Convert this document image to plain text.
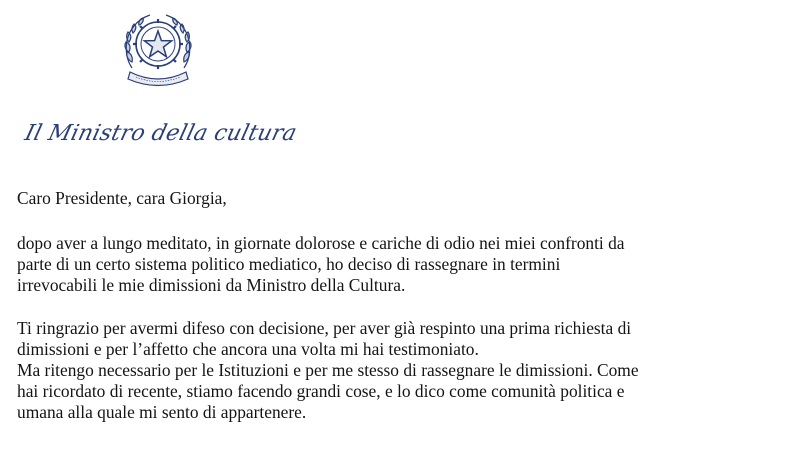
Il Ministro della cultura

Caro Presidente, cara Giorgia,

dopo aver a lungo meditato, in giornate dolorose e cariche di odio nei miei confronti da
parte di un certo sistema politico mediatico, ho deciso di rassegnare in termini
irrevocabili le mie dimissioni da Ministro della Cultura.

Ti ringrazio per avermi difeso con decisione, per aver già respinto una prima richiesta di
dimissioni e per l’affetto che ancora una volta mi hai testimoniato.
Ma ritengo necessario per le Istituzioni e per me stesso di rassegnare le dimissioni. Come
hai ricordato di recente, stiamo facendo grandi cose, e lo dico come comunità politica e
umana alla quale mi sento di appartenere.
